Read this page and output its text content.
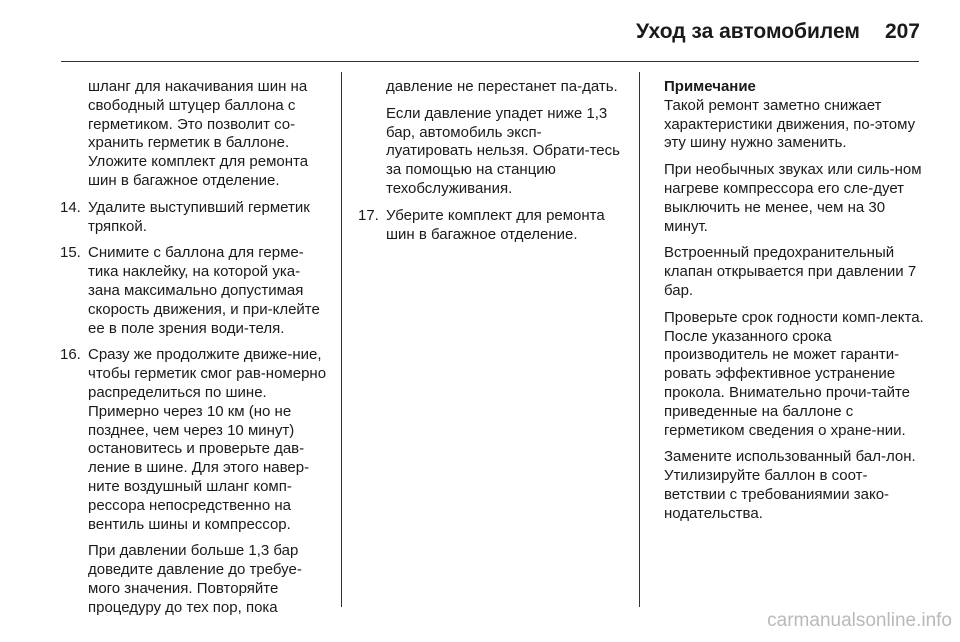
Уход за автомобилем	207

шланг для накачивания шин на свободный штуцер баллона с герметиком. Это позволит со-хранить герметик в баллоне. Уложите комплект для ремонта шин в багажное отделение.

14. Удалите выступивший герметик тряпкой.
15. Снимите с баллона для герме-тика наклейку, на которой ука-зана максимально допустимая скорость движения, и при-клейте ее в поле зрения води-теля.
16. Сразу же продолжите движе-ние, чтобы герметик смог рав-номерно распределиться по шине. Примерно через 10 км (но не позднее, чем через 10 минут) остановитесь и проверьте дав-ление в шине. Для этого навер-ните воздушный шланг комп-рессора непосредственно на вентиль шины и компрессор.

При давлении больше 1,3 бар доведите давление до требуе-мого значения. Повторяйте процедуру до тех пор, пока

давление не перестанет па-дать.

Если давление упадет ниже 1,3 бар, автомобиль эксп-луатировать нельзя. Обрати-тесь за помощью на станцию техобслуживания.

17. Уберите комплект для ремонта шин в багажное отделение.

Примечание

Такой ремонт заметно снижает характеристики движения, по-этому эту шину нужно заменить.

При необычных звуках или силь-ном нагреве компрессора его сле-дует выключить не менее, чем на 30 минут.

Встроенный предохранительный клапан открывается при давлении 7 бар.

Проверьте срок годности комп-лекта. После указанного срока производитель не может гаранти-ровать эффективное устранение прокола. Внимательно прочи-тайте приведенные на баллоне с герметиком сведения о хране-нии.

Замените использованный бал-лон. Утилизируйте баллон в соот-ветствии с требованиямии зако-нодательства.

carmanualsonline.info
